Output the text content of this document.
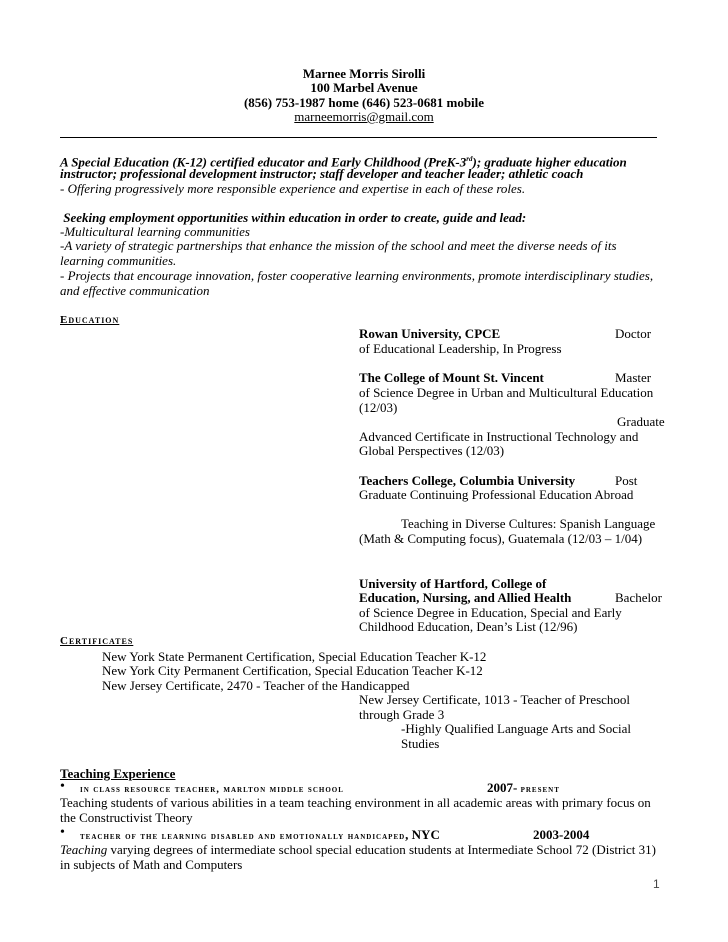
Marnee Morris Sirolli
100 Marbel Avenue
(856) 753-1987 home (646) 523-0681 mobile
marneemorris@gmail.com
A Special Education (K-12) certified educator and Early Childhood (PreK-3rd); graduate higher education
instructor; professional development instructor; staff developer and teacher leader; athletic coach
- Offering progressively more responsible experience and expertise in each of these roles.
Seeking employment opportunities within education in order to create, guide and lead:
-Multicultural learning communities
-A variety of strategic partnerships that enhance the mission of the school and meet the diverse needs of its
learning communities.
- Projects that encourage innovation, foster cooperative learning environments, promote interdisciplinary studies,
and effective communication
Education
Rowan University, CPCE	Doctor
of Educational Leadership, In Progress
The College of Mount St. Vincent	Master
of Science Degree in Urban and Multicultural Education
(12/03)
Graduate
Advanced Certificate in Instructional Technology and
Global Perspectives (12/03)
Teachers College, Columbia University	Post
Graduate Continuing Professional Education Abroad
Teaching in Diverse Cultures: Spanish Language
(Math & Computing focus), Guatemala (12/03 – 1/04)
University of Hartford, College of
Education, Nursing, and Allied Health	Bachelor
of Science Degree in Education, Special and Early
Childhood Education, Dean’s List (12/96)
Certificates
New York State Permanent Certification, Special Education Teacher K-12
New York City Permanent Certification, Special Education Teacher K-12
New Jersey Certificate, 2470 - Teacher of the Handicapped
New Jersey Certificate, 1013 - Teacher of Preschool
through Grade 3
-Highly Qualified Language Arts and Social
Studies
Teaching Experience
• in class resource teacher, marlton middle school	2007- present
Teaching students of various abilities in a team teaching environment in all academic areas with primary focus on
the Constructivist Theory
• teacher of the learning disabled and emotionally handicaped, NYC	2003-2004
Teaching varying degrees of intermediate school special education students at Intermediate School 72 (District 31)
in subjects of Math and Computers
1
